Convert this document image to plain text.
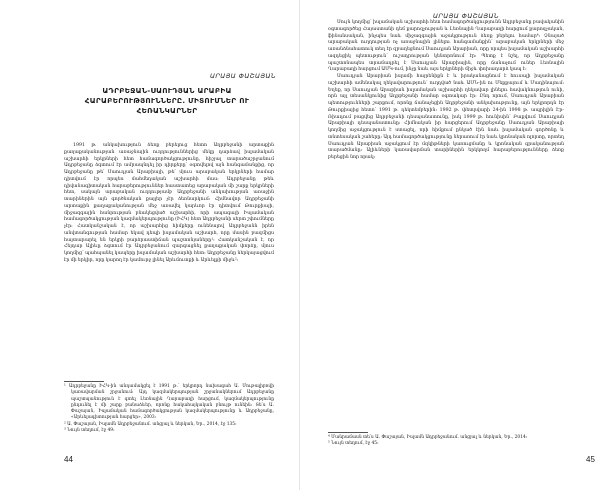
ԱՐԱՅԱ ՓԱՇԱՅԱՆ
ԱԴՐԲԵՋԱՆ-ՍԱՈՒԴՅԱՆ ԱՐԱԲԻԱ
ՀԱՐԱԲԵՐՈՒԹՅՈՒՆՆԵՐԸ. ՄԻՏՈՒՄՆԵՐ ՈՒ
ՀԵՌԱՆԿԱՐՆԵՐ

1991 թ. անկախություն ձեռք բերելուց հետո Ադրբեջանի արտաքին քաղաքականության առաջնային ուղղություններից մեկը դարձավ իսլամական աշխարհի երկրների հետ համագործակցությունը, հիշյալ տարածաշրջանում Ադրբեջանը ձգտում էր ամրապնդել իր դիրքերը՝ օգտվելով այն հանգամանքից, որ Ադրբեջանը թե՛ Սաուդյան Արաբիայի, թե՛ մյուս արաբական երկրների համար դիտվում էր որպես մահմեդական աշխարհի մաս։ Ադրբեջանը թեև դիվանագիտական հարաբերություններ հաստատեց արաբական մի շարք երկրների հետ, սակայն արաբական ուղղությամբ Ադրբեջանի անկախության առաջին տարիներին այն գործնական քայլեր չէր ձեռնարկում։ Հիմնավոր Ադրբեջանի արտաքին քաղաքականության մեջ առավել կարևոր էր դիտվում Թուրքիայի, միջազգային հանրության բնակեցված աշխարհի, որի ապագայի Իսլամական համագործակցության կազմակերպությունը (ԻՀԿ) հետ Ադրբեջանի սերտ շփումները չէր։ Հատկանշական է, որ աշխարհից հիմքերը ունենալով Ադրբեջանն իրեն անվտանգության համար եկավ դեպի իսլամական աշխարհ, որը մասին բազմիցս հայտարարել են երկրի բարձրաստիճան պաշտոնյաները¹։ Հատկանշական է, որ Հեյդար Ալիևը ձգտում էր Ադրբեջանում զարգացնել քաղաքական փորձը, մյուս կողմից՝ պահպանել կապերը իսլամական աշխարհի հետ։ Ադրբեջանը ներկայացվում էր մի երկիր, որը կարող էր կամուրջ լինել Արևմուտքի և Արևելքի միջև²։

¹ Ադրբեջանը ԻՀԿ-ին անդամակցել է 1991 թ.՝ երկրորդ նախագահ Ա. Մութալիբովի կառավարման շրջանում։ Այդ կազմակերպության շրջանակներում Ադրբեջանը պաշտպանություն է գտել Լեռնային Ղարաբաղի հարցում, կազմակերպությունը ընդունել է մի շարք բանաձևեր, որոնք հակահայկական բնույթ ունեին։ Տե՛ս Ա. Փաշայան, Իսլամական համագործակցության կազմակերպությունը և Ադրբեջանը, «Արևելագիտության հարցեր», 2003։

² Ա. Փաշայան, Իսլամն Ադրբեջանում. անցյալ և ներկան, Եր., 2014, էջ 135։

³ Նույն տեղում, էջ 49։

44
ԱՐԱՅԱ ՓԱՇԱՅԱՆ

Սույն կողմից՝ իսլամական աշխարհի հետ համագործակցությունն Ադրբեջանը բավականին օգտագործեց Հայաստանի դեմ քարոզչության և Լեռնային Ղարաբաղի հարցում քարոզչական, ֆինանսական, ինչպես նաև միջազգային աջակցություն ձեռք բերելու համար⁴։ Չնայած արաբական ուղղության ոչ առաջնային լինելու հանգամանքին՝ արաբական երկրների մեջ առանձնահատուկ տեղ էր զբաղեցնում Սաուդյան Արաբիան, որը որպես իսլամական աշխարհի ազդեցիկ պետություն՝ ուշադրության կենտրոնում էր։ Պետք է նշել, որ Ադրբեջանը պաշտոնապես տրամադրել է Սաուդյան Արաբիային, որը ճանաչում ուներ Լեռնային Ղարաբաղի հարցում ԱՄԿ-ում, ինչը նաև այս երկրների միջև փոխադարձ կապ է։

Սաուդյան Արաբիան իսլամի հայրենիքն է և իրականացնում է հուսալի իսլամական աշխարհի ամենակալ ղեկավարություն՝ ուղղված նաև ԱՄՆ-ին ու Մեքքայում և Մադինայում։ Եղեք, որ Սաուդյան Արաբիան իսլամական աշխարհի ղեկավար լինելու հավակնություն ունի, որն այլ տեսանկյունից Ադրբեջանի համար օգտակար էր։ Ընդ որում, Սաուդյան Արաբիան պետությունների շարքում, որոնք ճանաչեցին Ադրբեջանի անկախությունը, այն երկրորդն էր Թուրքիայից հետո՝ 1991 թ. դեկտեմբերին։ 1992 թ. փետրվարի 24-ին 1998 թ. ապրիլին Էր-Ռիադում բացվեց Ադրբեջանի դեսպանատունը, իսկ 1999 թ. հունիսին՝ Բաքվում Սաուդյան Արաբիայի դեսպանատունը։ Հիմնական իր հարցերում Ադրբեջանը Սաուդյան Արաբիայի կողմից աջակցություն է ստացել, որի հիմքում ընկած էին նաև իսլամական գործոնը և տնտեսական շահերը։ Այդ համագործակցությունը ներառում էր նաև կրոնական ոլորտը, որտեղ Սաուդյան Արաբիան աջակցում էր մզկիթների կառուցմանը և կրոնական գրականության տարածմանը։ Ալիևների կառավարման տարիներին երկկողմ հարաբերությունները ձեռք բերեցին նոր որակ։

⁴ Մանրամասն տե՛ս Ա. Փաշայան, Իսլամն Ադրբեջանում. անցյալ և ներկան, Եր., 2014։

⁵ Նույն տեղում, էջ 45։

45
